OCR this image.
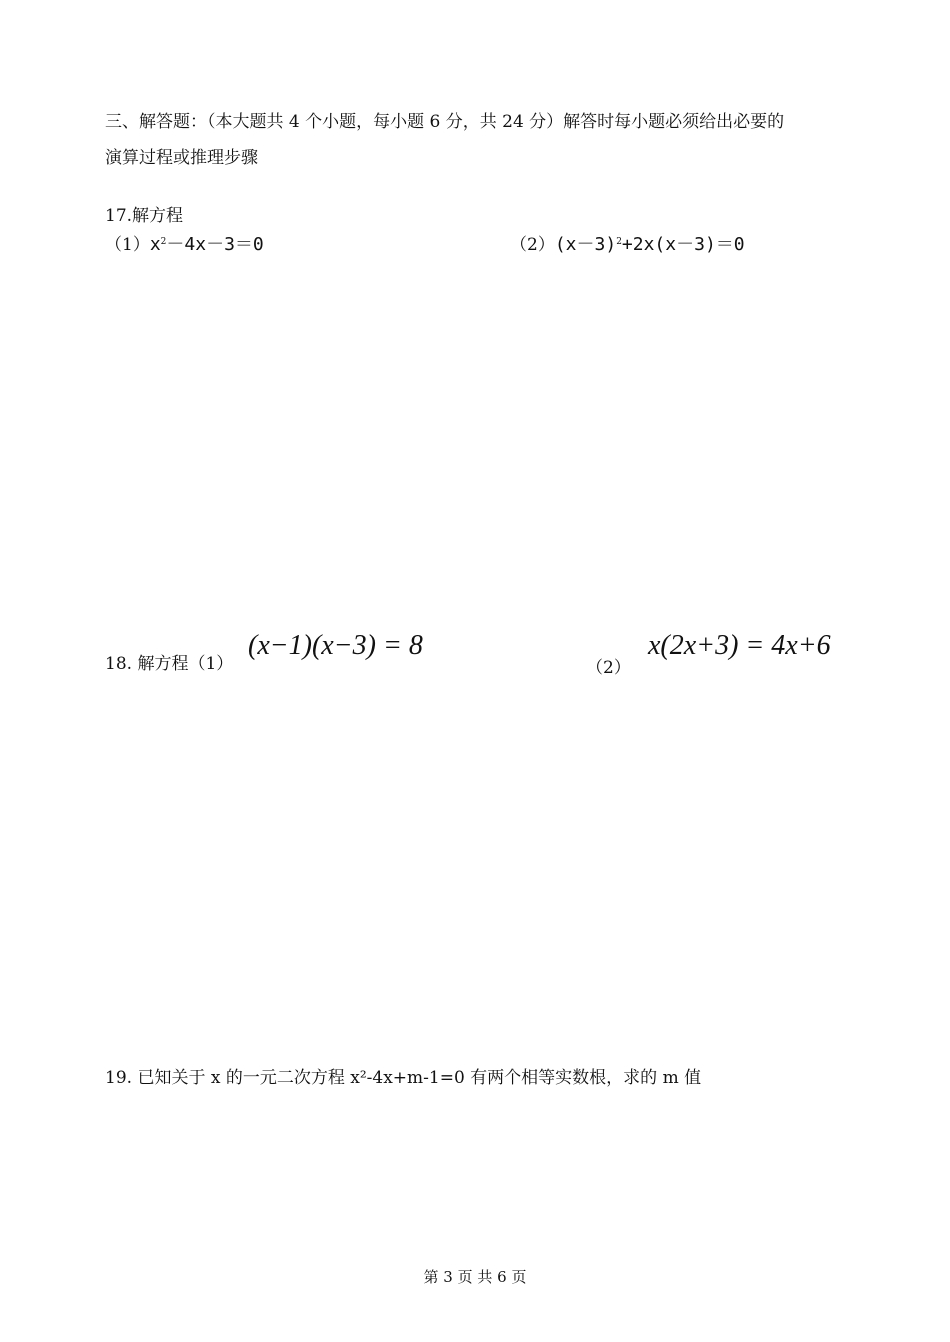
三、解答题：（本大题共 4 个小题，每小题 6 分，共 24 分）解答时每小题必须给出必要的
演算过程或推理步骤
17.解方程
$(1)x^2-4x-3=0$	$(2)(x-3)^2+2x(x-3)=0$
18. 解方程（1）
(x−1)(x−3) = 8
（2）
x(2x+3) = 4x+6
19. 已知关于 x 的一元二次方程 x²-4x+m-1=0 有两个相等实数根，求的 m 值
第 3 页 共 6 页
